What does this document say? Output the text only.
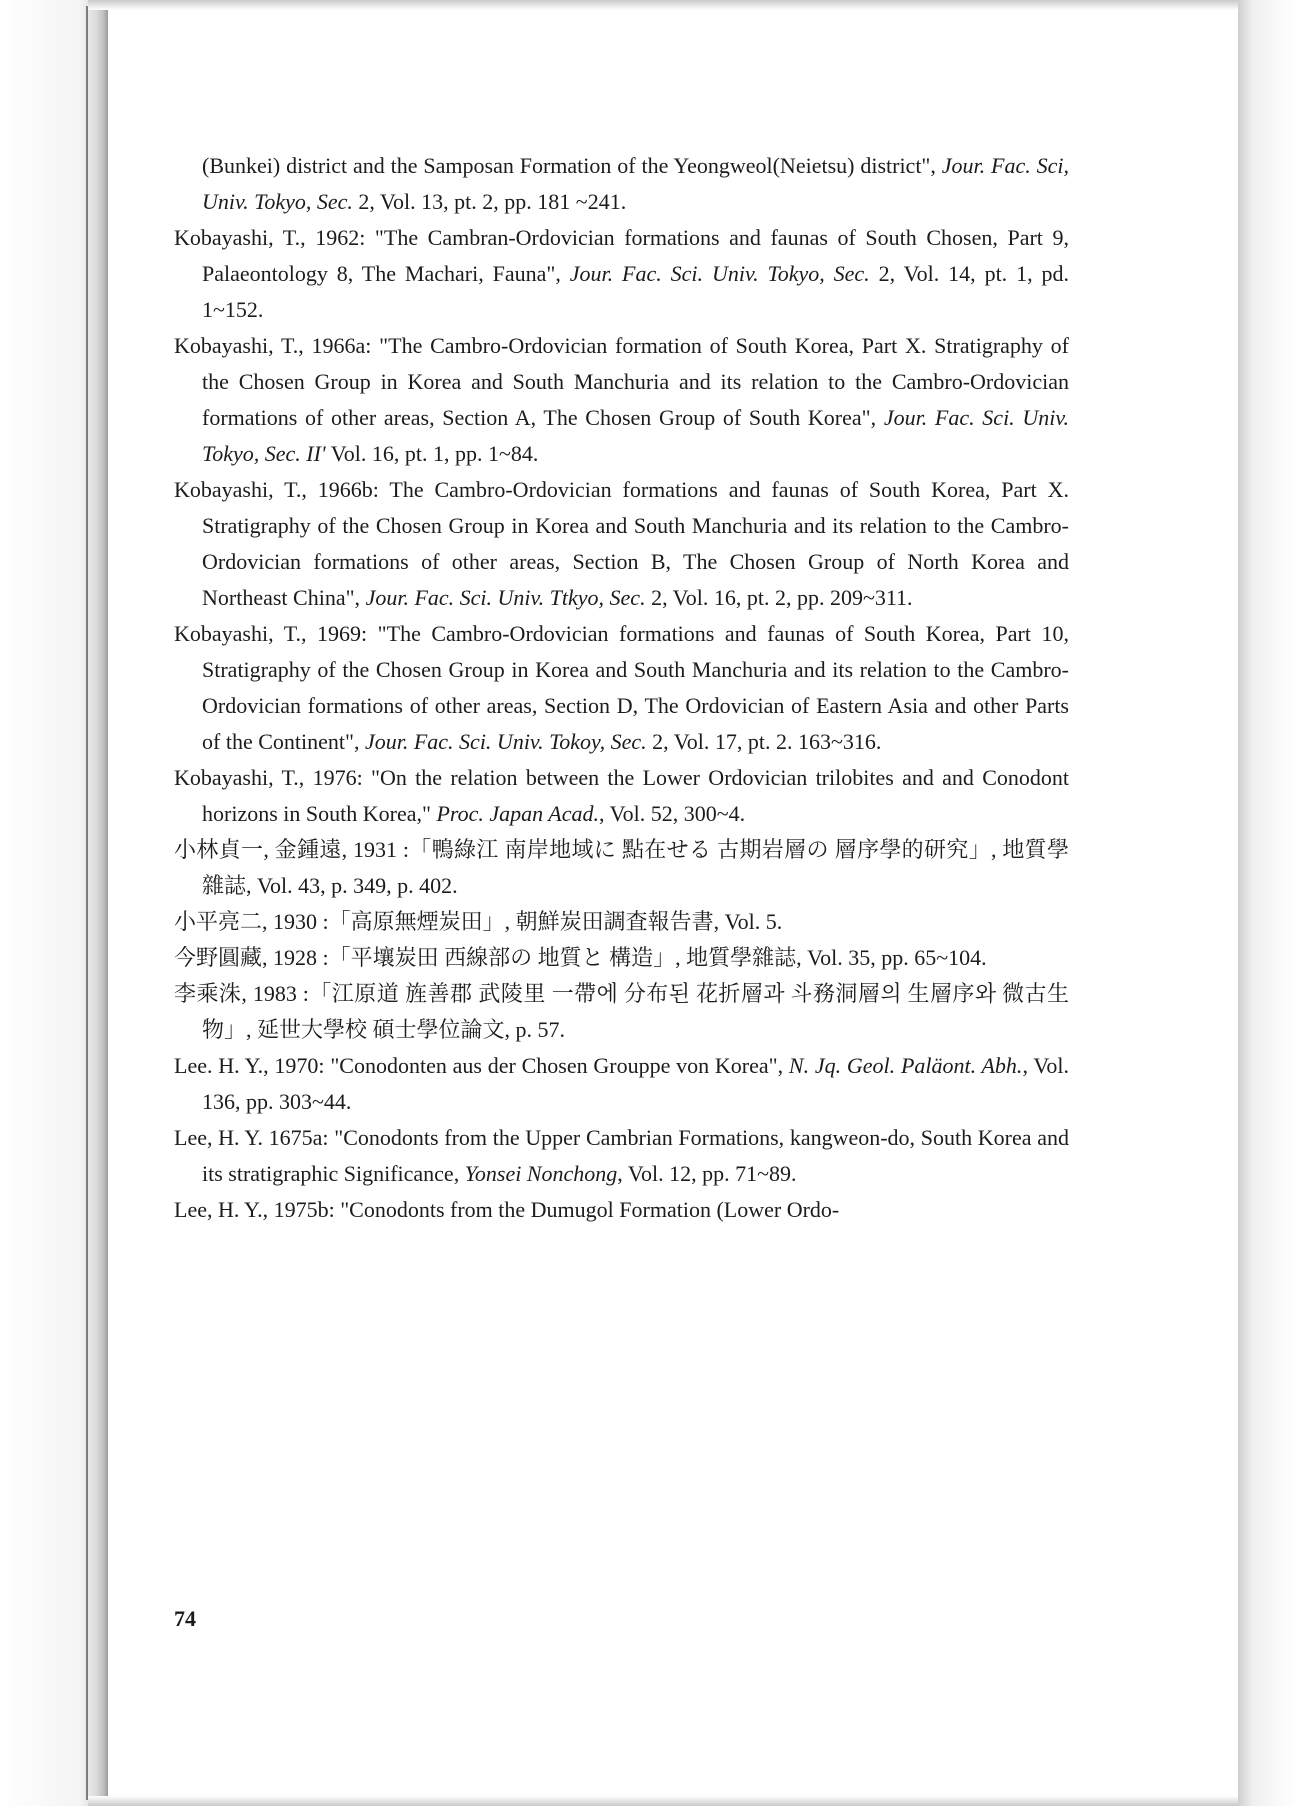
(Bunkei) district and the Samposan Formation of the Yeongweol(Neietsu) district", Jour. Fac. Sci, Univ. Tokyo, Sec. 2, Vol. 13, pt. 2, pp. 181 ~241.
Kobayashi, T., 1962: "The Cambran-Ordovician formations and faunas of South Chosen, Part 9, Palaeontology 8, The Machari, Fauna", Jour. Fac. Sci. Univ. Tokyo, Sec. 2, Vol. 14, pt. 1, pd. 1~152.
Kobayashi, T., 1966a: "The Cambro-Ordovician formation of South Korea, Part X. Stratigraphy of the Chosen Group in Korea and South Manchuria and its relation to the Cambro-Ordovician formations of other areas, Section A, The Chosen Group of South Korea", Jour. Fac. Sci. Univ. Tokyo, Sec. II' Vol. 16, pt. 1, pp. 1~84.
Kobayashi, T., 1966b: The Cambro-Ordovician formations and faunas of South Korea, Part X. Stratigraphy of the Chosen Group in Korea and South Manchuria and its relation to the Cambro-Ordovician formations of other areas, Section B, The Chosen Group of North Korea and Northeast China", Jour. Fac. Sci. Univ. Ttkyo, Sec. 2, Vol. 16, pt. 2, pp. 209~311.
Kobayashi, T., 1969: "The Cambro-Ordovician formations and faunas of South Korea, Part 10, Stratigraphy of the Chosen Group in Korea and South Manchuria and its relation to the Cambro-Ordovician formations of other areas, Section D, The Ordovician of Eastern Asia and other Parts of the Continent", Jour. Fac. Sci. Univ. Tokoy, Sec. 2, Vol. 17, pt. 2. 163~316.
Kobayashi, T., 1976: "On the relation between the Lower Ordovician trilobites and and Conodont horizons in South Korea," Proc. Japan Acad., Vol. 52, 300~4.
小林貞一, 金鍾遠, 1931 :「鴨綠江 南岸地域に 點在せる 古期岩層の 層序學的研究」, 地質學雜誌, Vol. 43, p. 349, p. 402.
小平亮二, 1930 :「高原無煙炭田」, 朝鮮炭田調査報告書, Vol. 5.
今野圓藏, 1928 :「平壤炭田 西線部の 地質と 構造」, 地質學雜誌, Vol. 35, pp. 65~104.
李乘洙, 1983 :「江原道 旌善郡 武陵里 一帶에 分布된 花折層과 斗務洞層의 生層序와 微古生物」, 延世大學校 碩士學位論文, p. 57.
Lee. H. Y., 1970: "Conodonten aus der Chosen Grouppe von Korea", N. Jq. Geol. Paläont. Abh., Vol. 136, pp. 303~44.
Lee, H. Y. 1675a: "Conodonts from the Upper Cambrian Formations, kangweon-do, South Korea and its stratigraphic Significance, Yonsei Nonchong, Vol. 12, pp. 71~89.
Lee, H. Y., 1975b: "Conodonts from the Dumugol Formation (Lower Ordo-
74
